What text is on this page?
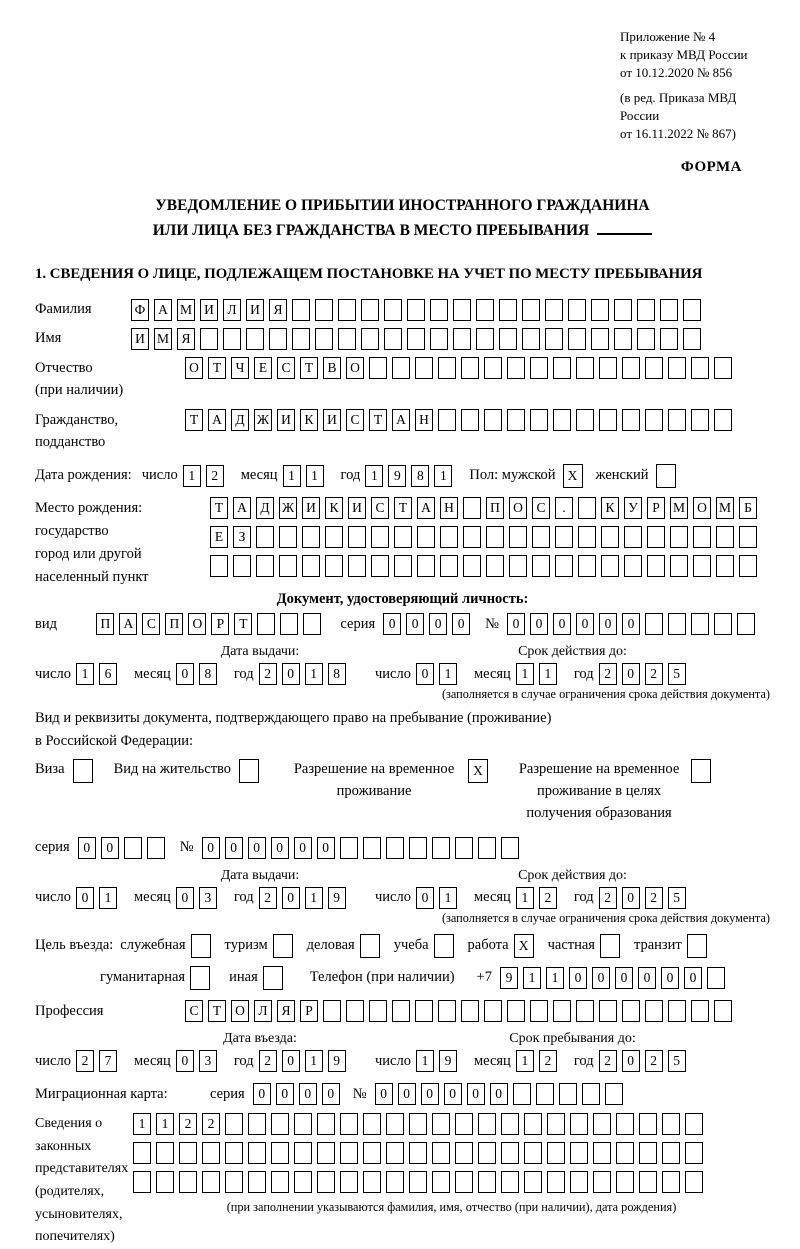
Приложение № 4
к приказу МВД России
от 10.12.2020 № 856
(в ред. Приказа МВД России
от 16.11.2022 № 867)
ФОРМА
УВЕДОМЛЕНИЕ О ПРИБЫТИИ ИНОСТРАННОГО ГРАЖДАНИНА
ИЛИ ЛИЦА БЕЗ ГРАЖДАНСТВА В МЕСТО ПРЕБЫВАНИЯ
1. СВЕДЕНИЯ О ЛИЦЕ, ПОДЛЕЖАЩЕМ ПОСТАНОВКЕ НА УЧЕТ ПО МЕСТУ ПРЕБЫВАНИЯ
Фамилия	Ф А М И	Л	И	Я
Имя	И М Я
Отчество
(при наличии)
О	Т	Ч	Е	С	Т	В	О
Гражданство,
подданство
Т	А	Д Ж И	К	И	С	Т	А Н
Дата рождения: число 1	2	месяц 1	1	год 1	9	8	1	Пол: мужской X	женский
Место рождения:
государство
город или другой
населенный пункт
Т	А	Д Ж И	К	И	С	Т	А Н	П О	С	.	К	У	Р М О М Б
Е	З
Документ, удостоверяющий личность:
вид	П А	С	П О	Р	Т	серия	0	0	0	0	№	0	0	0	0	0	0
Дата выдачи:	Срок действия до:
число 1	6	месяц 0	8	год 2	0	1	8	число 0	1	месяц 1	1	год 2	0	2	5
(заполняется в случае ограничения срока действия документа)
Вид и реквизиты документа, подтверждающего право на пребывание (проживание)
в Российской Федерации:
Виза	Вид на жительство	Разрешение на временное проживание
X	Разрешение на временное проживание в целях получения образования
серия	0	0	№	0	0	0	0	0	0
Дата выдачи:	Срок действия до:
число 0	1	месяц 0	3	год 2	0	1	9	число 0	1	месяц 1	2	год 2	0	2	5
(заполняется в случае ограничения срока действия документа)
Цель въезда: служебная	туризм	деловая	учеба	работа X	частная	транзит
гуманитарная	иная	Телефон (при наличии) +7	9	1	1	0	0	0	0	0	0
Профессия	С	Т	О	Л	Я	Р
Дата въезда:	Срок пребывания до:
число 2	7	месяц 0	3	год 2	0	1	9	число 1	9	месяц 1	2	год 2	0	2	5
Миграционная карта:	серия	0	0	0	0	№	0	0	0	0	0	0
Сведения о
законных
представителях
(родителях,
усыновителях,
попечителях)
1	1	2	2
(при заполнении указываются фамилия, имя, отчество (при наличии), дата рождения)
